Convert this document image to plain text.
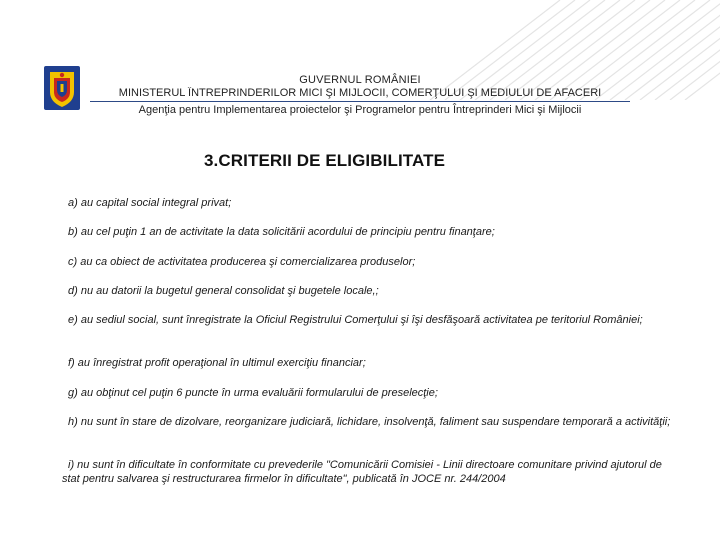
GUVERNUL ROMÂNIEI
MINISTERUL ÎNTREPRINDERILOR MICI ŞI MIJLOCII, COMERŢULUI ŞI MEDIULUI DE AFACERI
Agenţia pentru Implementarea proiectelor şi Programelor pentru Întreprinderi Mici şi Mijlocii
3.CRITERII DE ELIGIBILITATE
a) au capital social integral privat;
b) au cel puţin 1 an de activitate la data solicitării acordului de principiu pentru finanţare;
c) au ca obiect de activitatea producerea şi comercializarea produselor;
d) nu au datorii la bugetul general consolidat şi bugetele locale,;
e) au sediul social, sunt înregistrate la Oficiul Registrului Comerţului şi îşi desfăşoară activitatea pe teritoriul României;
f) au înregistrat profit operaţional în ultimul exerciţiu financiar;
g) au obţinut cel puţin 6 puncte în urma evaluării formularului de preselecţie;
h) nu sunt în stare de dizolvare, reorganizare judiciară, lichidare, insolvenţă, faliment sau suspendare temporară a activităţii;
i) nu sunt în dificultate în conformitate cu prevederile "Comunicării Comisiei - Linii directoare comunitare privind ajutorul de stat pentru salvarea şi restructurarea firmelor în dificultate", publicată în JOCE nr. 244/2004
